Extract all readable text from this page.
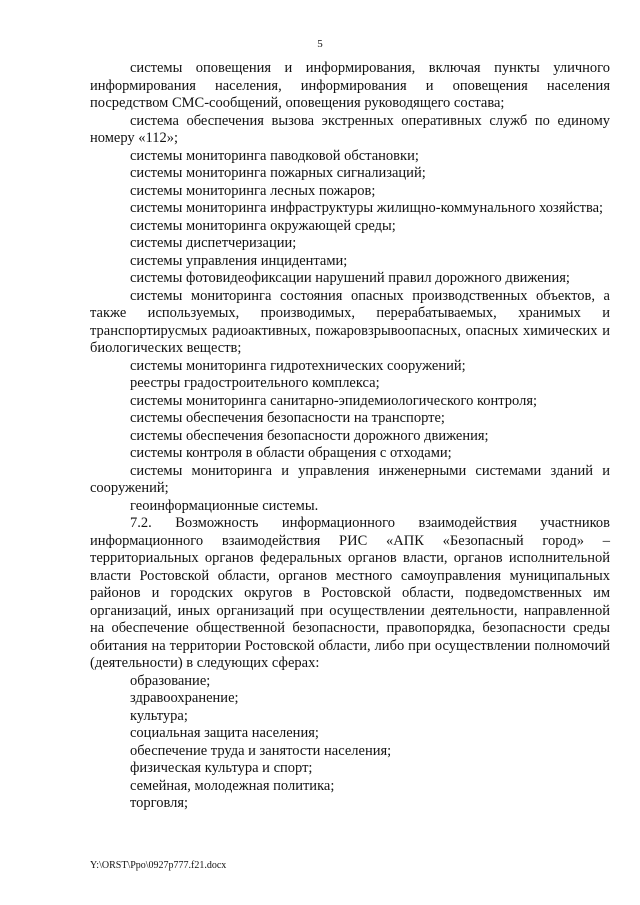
5

системы оповещения и информирования, включая пункты уличного информирования населения, информирования и оповещения населения посредством СМС-сообщений, оповещения руководящего состава;

система обеспечения вызова экстренных оперативных служб по единому номеру «112»;

системы мониторинга паводковой обстановки;

системы мониторинга пожарных сигнализаций;

системы мониторинга лесных пожаров;

системы мониторинга инфраструктуры жилищно-коммунального хозяйства;

системы мониторинга окружающей среды;

системы диспетчеризации;

системы управления инцидентами;

системы фотовидеофиксации нарушений правил дорожного движения;

системы мониторинга состояния опасных производственных объектов, а также используемых, производимых, перерабатываемых, хранимых и транспортирусмых радиоактивных, пожаровзрывоопасных, опасных химических и биологических веществ;

системы мониторинга гидротехнических сооружений;

реестры градостроительного комплекса;

системы мониторинга санитарно-эпидемиологического контроля;

системы обеспечения безопасности на транспорте;

системы обеспечения безопасности дорожного движения;

системы контроля в области обращения с отходами;

системы мониторинга и управления инженерными системами зданий и сооружений;

геоинформационные системы.

7.2. Возможность информационного взаимодействия участников информационного взаимодействия РИС «АПК «Безопасный город» – территориальных органов федеральных органов власти, органов исполнительной власти Ростовской области, органов местного самоуправления муниципальных районов и городских округов в Ростовской области, подведомственных им организаций, иных организаций при осуществлении деятельности, направленной на обеспечение общественной безопасности, правопорядка, безопасности среды обитания на территории Ростовской области, либо при осуществлении полномочий (деятельности) в следующих сферах:

образование;

здравоохранение;

культура;

социальная защита населения;

обеспечение труда и занятости населения;

физическая культура и спорт;

семейная, молодежная политика;

торговля;

Y:\ORST\Ppo\0927p777.f21.docx
